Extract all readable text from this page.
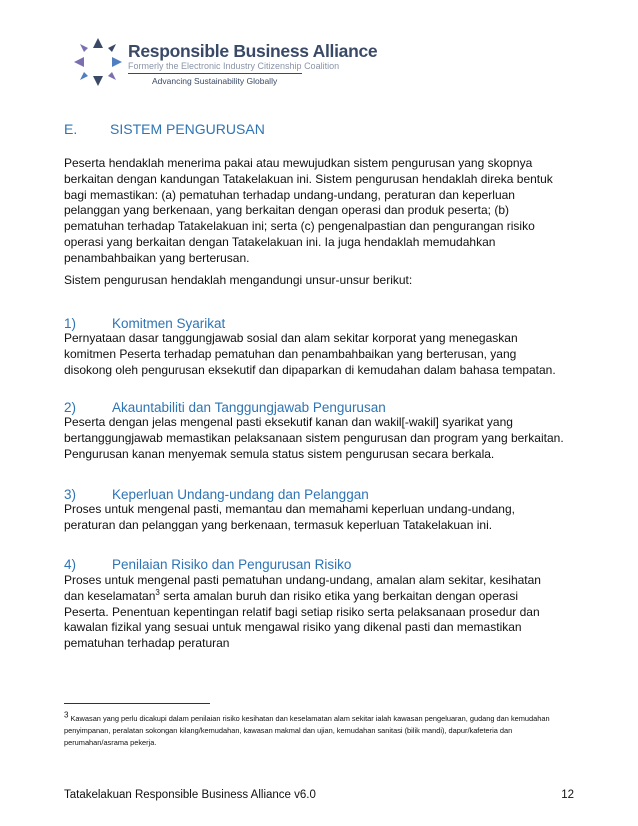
Responsible Business Alliance
Formerly the Electronic Industry Citizenship Coalition
Advancing Sustainability Globally
E. SISTEM PENGURUSAN
Peserta hendaklah menerima pakai atau mewujudkan sistem pengurusan yang skopnya berkaitan dengan kandungan Tatakelakuan ini. Sistem pengurusan hendaklah direka bentuk bagi memastikan: (a) pematuhan terhadap undang-undang, peraturan dan keperluan pelanggan yang berkenaan, yang berkaitan dengan operasi dan produk peserta; (b) pematuhan terhadap Tatakelakuan ini; serta (c) pengenalpastian dan pengurangan risiko operasi yang berkaitan dengan Tatakelakuan ini. Ia juga hendaklah memudahkan penambahbaikan yang berterusan.
Sistem pengurusan hendaklah mengandungi unsur-unsur berikut:
1)	Komitmen Syarikat
Pernyataan dasar tanggungjawab sosial dan alam sekitar korporat yang menegaskan komitmen Peserta terhadap pematuhan dan penambahbaikan yang berterusan, yang disokong oleh pengurusan eksekutif dan dipaparkan di kemudahan dalam bahasa tempatan.
2)	Akauntabiliti dan Tanggungjawab Pengurusan
Peserta dengan jelas mengenal pasti eksekutif kanan dan wakil[-wakil] syarikat yang bertanggungjawab memastikan pelaksanaan sistem pengurusan dan program yang berkaitan. Pengurusan kanan menyemak semula status sistem pengurusan secara berkala.
3)	Keperluan Undang-undang dan Pelanggan
Proses untuk mengenal pasti, memantau dan memahami keperluan undang-undang, peraturan dan pelanggan yang berkenaan, termasuk keperluan Tatakelakuan ini.
4)	Penilaian Risiko dan Pengurusan Risiko
Proses untuk mengenal pasti pematuhan undang-undang, amalan alam sekitar, kesihatan dan keselamatan$^3$ serta amalan buruh dan risiko etika yang berkaitan dengan operasi Peserta. Penentuan kepentingan relatif bagi setiap risiko serta pelaksanaan prosedur dan kawalan fizikal yang sesuai untuk mengawal risiko yang dikenal pasti dan memastikan pematuhan terhadap peraturan
$^3$ Kawasan yang perlu dicakupi dalam penilaian risiko kesihatan dan keselamatan alam sekitar ialah kawasan pengeluaran, gudang dan kemudahan penyimpanan, peralatan sokongan kilang/kemudahan, kawasan makmal dan ujian, kemudahan sanitasi (bilik mandi), dapur/kafeteria dan perumahan/asrama pekerja.
Tatakelakuan Responsible Business Alliance v6.0	12
